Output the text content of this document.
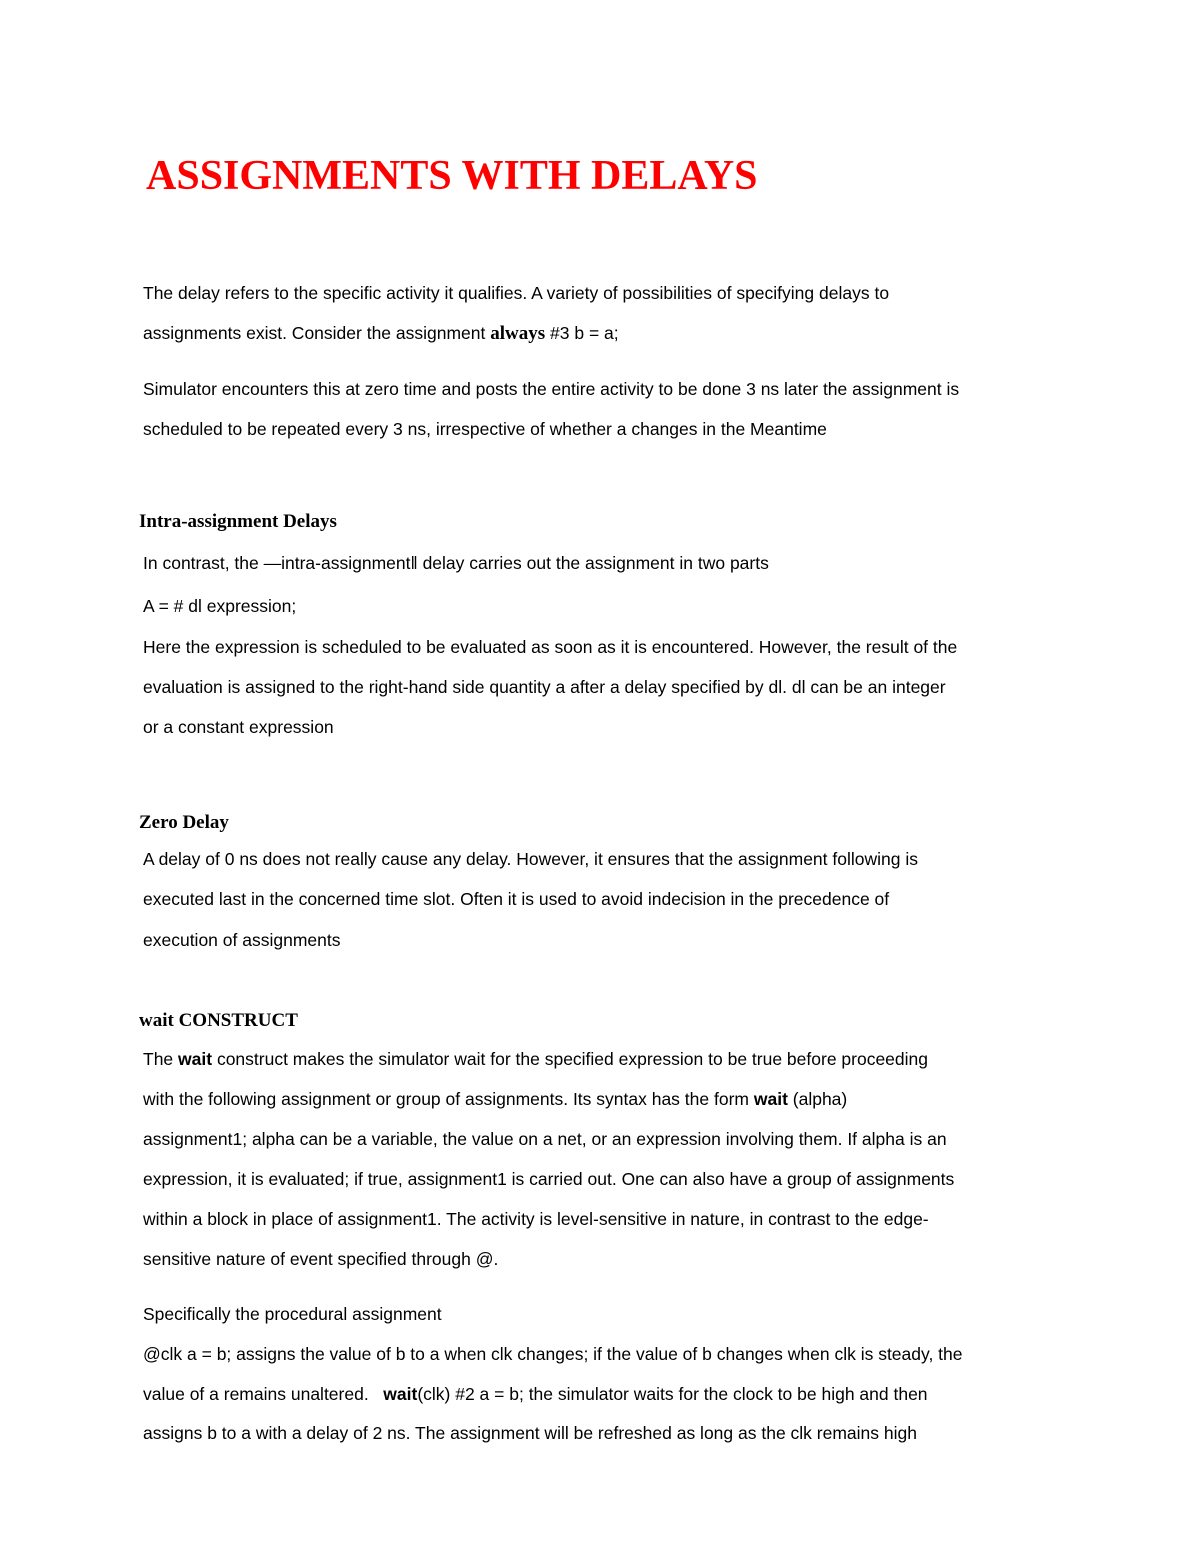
ASSIGNMENTS WITH DELAYS

The delay refers to the specific activity it qualifies. A variety of possibilities of specifying delays to

assignments exist. Consider the assignment always #3 b = a;

Simulator encounters this at zero time and posts the entire activity to be done 3 ns later the assignment is

scheduled to be repeated every 3 ns, irrespective of whether a changes in the Meantime

Intra-assignment Delays

In contrast, the ―intra-assignment‖ delay carries out the assignment in two parts

A = # dl expression;

Here the expression is scheduled to be evaluated as soon as it is encountered. However, the result of the

evaluation is assigned to the right-hand side quantity a after a delay specified by dl. dl can be an integer

or a constant expression

Zero Delay

A delay of 0 ns does not really cause any delay. However, it ensures that the assignment following is

executed last in the concerned time slot. Often it is used to avoid indecision in the precedence of

execution of assignments

wait CONSTRUCT

The wait construct makes the simulator wait for the specified expression to be true before proceeding

with the following assignment or group of assignments. Its syntax has the form wait (alpha)

assignment1; alpha can be a variable, the value on a net, or an expression involving them. If alpha is an

expression, it is evaluated; if true, assignment1 is carried out. One can also have a group of assignments

within a block in place of assignment1. The activity is level-sensitive in nature, in contrast to the edge-

sensitive nature of event specified through @.

Specifically the procedural assignment

@clk a = b; assigns the value of b to a when clk changes; if the value of b changes when clk is steady, the

value of a remains unaltered.   wait(clk) #2 a = b; the simulator waits for the clock to be high and then

assigns b to a with a delay of 2 ns. The assignment will be refreshed as long as the clk remains high
